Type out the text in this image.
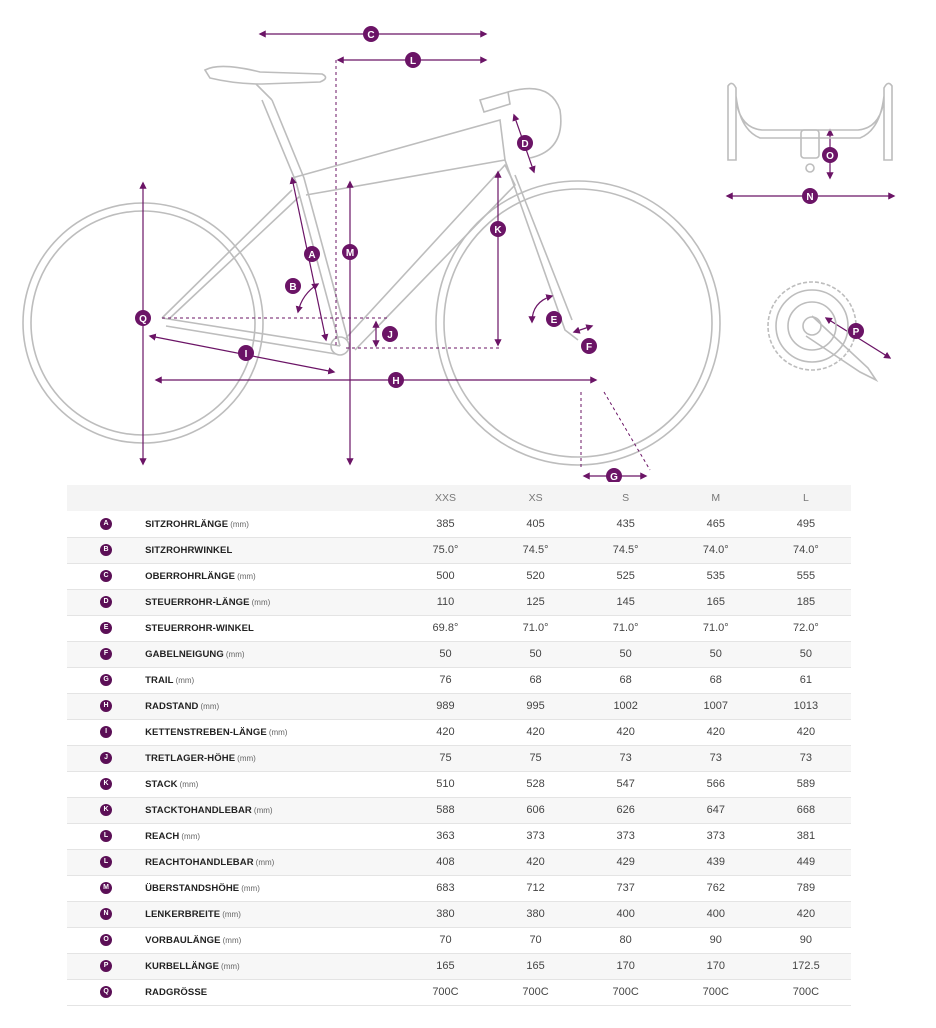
C
L
D
A	M
K
B
Q	E
J
F
I
H
G
O
N
P
		XXS	XS	S	M	L
A	SITZROHRLÄNGE (mm)	385	405	435	465	495
B	SITZROHRWINKEL	75.0°	74.5°	74.5°	74.0°	74.0°
C	OBERROHRLÄNGE (mm)	500	520	525	535	555
D	STEUERROHR-LÄNGE (mm)	110	125	145	165	185
E	STEUERROHR-WINKEL	69.8°	71.0°	71.0°	71.0°	72.0°
F	GABELNEIGUNG (mm)	50	50	50	50	50
G	TRAIL (mm)	76	68	68	68	61
H	RADSTAND (mm)	989	995	1002	1007	1013
I	KETTENSTREBEN-LÄNGE (mm)	420	420	420	420	420
J	TRETLAGER-HÖHE (mm)	75	75	73	73	73
K	STACK (mm)	510	528	547	566	589
K	STACKTOHANDLEBAR (mm)	588	606	626	647	668
L	REACH (mm)	363	373	373	373	381
L	REACHTOHANDLEBAR (mm)	408	420	429	439	449
M	ÜBERSTANDSHÖHE (mm)	683	712	737	762	789
N	LENKERBREITE (mm)	380	380	400	400	420
O	VORBAULÄNGE (mm)	70	70	80	90	90
P	KURBELLÄNGE (mm)	165	165	170	170	172.5
Q	RADGRÖSSE	700C	700C	700C	700C	700C
